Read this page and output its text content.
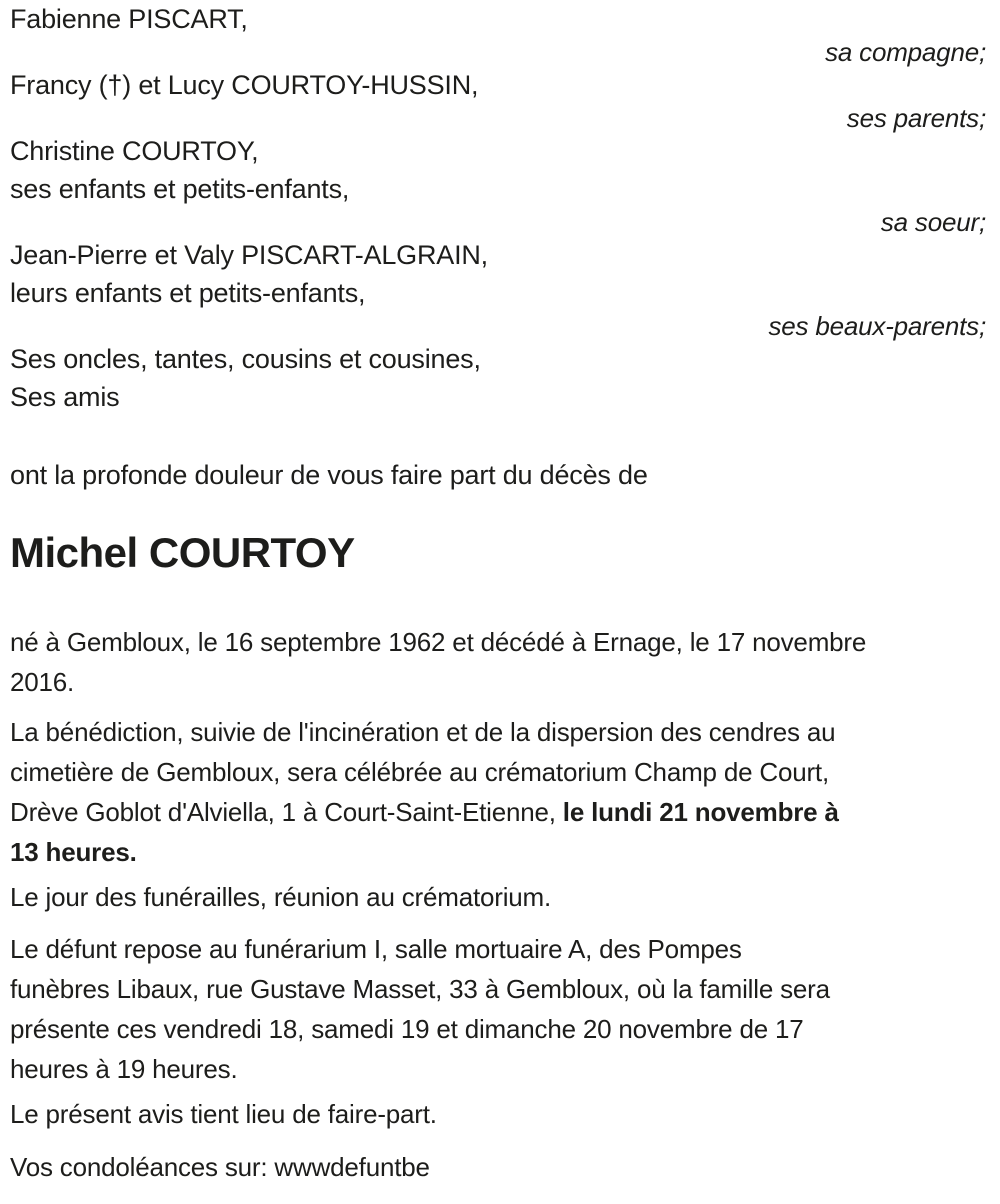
Fabienne PISCART,
sa compagne;
Francy (†) et Lucy COURTOY-HUSSIN,
ses parents;
Christine COURTOY,
ses enfants et petits-enfants,
sa soeur;
Jean-Pierre et Valy PISCART-ALGRAIN,
leurs enfants et petits-enfants,
ses beaux-parents;
Ses oncles, tantes, cousins et cousines,
Ses amis
ont la profonde douleur de vous faire part du décès de
Michel COURTOY
né à Gembloux, le 16 septembre 1962 et décédé à Ernage, le 17 novembre
2016.
La bénédiction, suivie de l'incinération et de la dispersion des cendres au
cimetière de Gembloux, sera célébrée au crématorium Champ de Court,
Drève Goblot d'Alviella, 1 à Court-Saint-Etienne, le lundi 21 novembre à
13 heures.
Le jour des funérailles, réunion au crématorium.
Le défunt repose au funérarium I, salle mortuaire A, des Pompes
funèbres Libaux, rue Gustave Masset, 33 à Gembloux, où la famille sera
présente ces vendredi 18, samedi 19 et dimanche 20 novembre de 17
heures à 19 heures.
Le présent avis tient lieu de faire-part.
Vos condoléances sur: wwwdefuntbe
